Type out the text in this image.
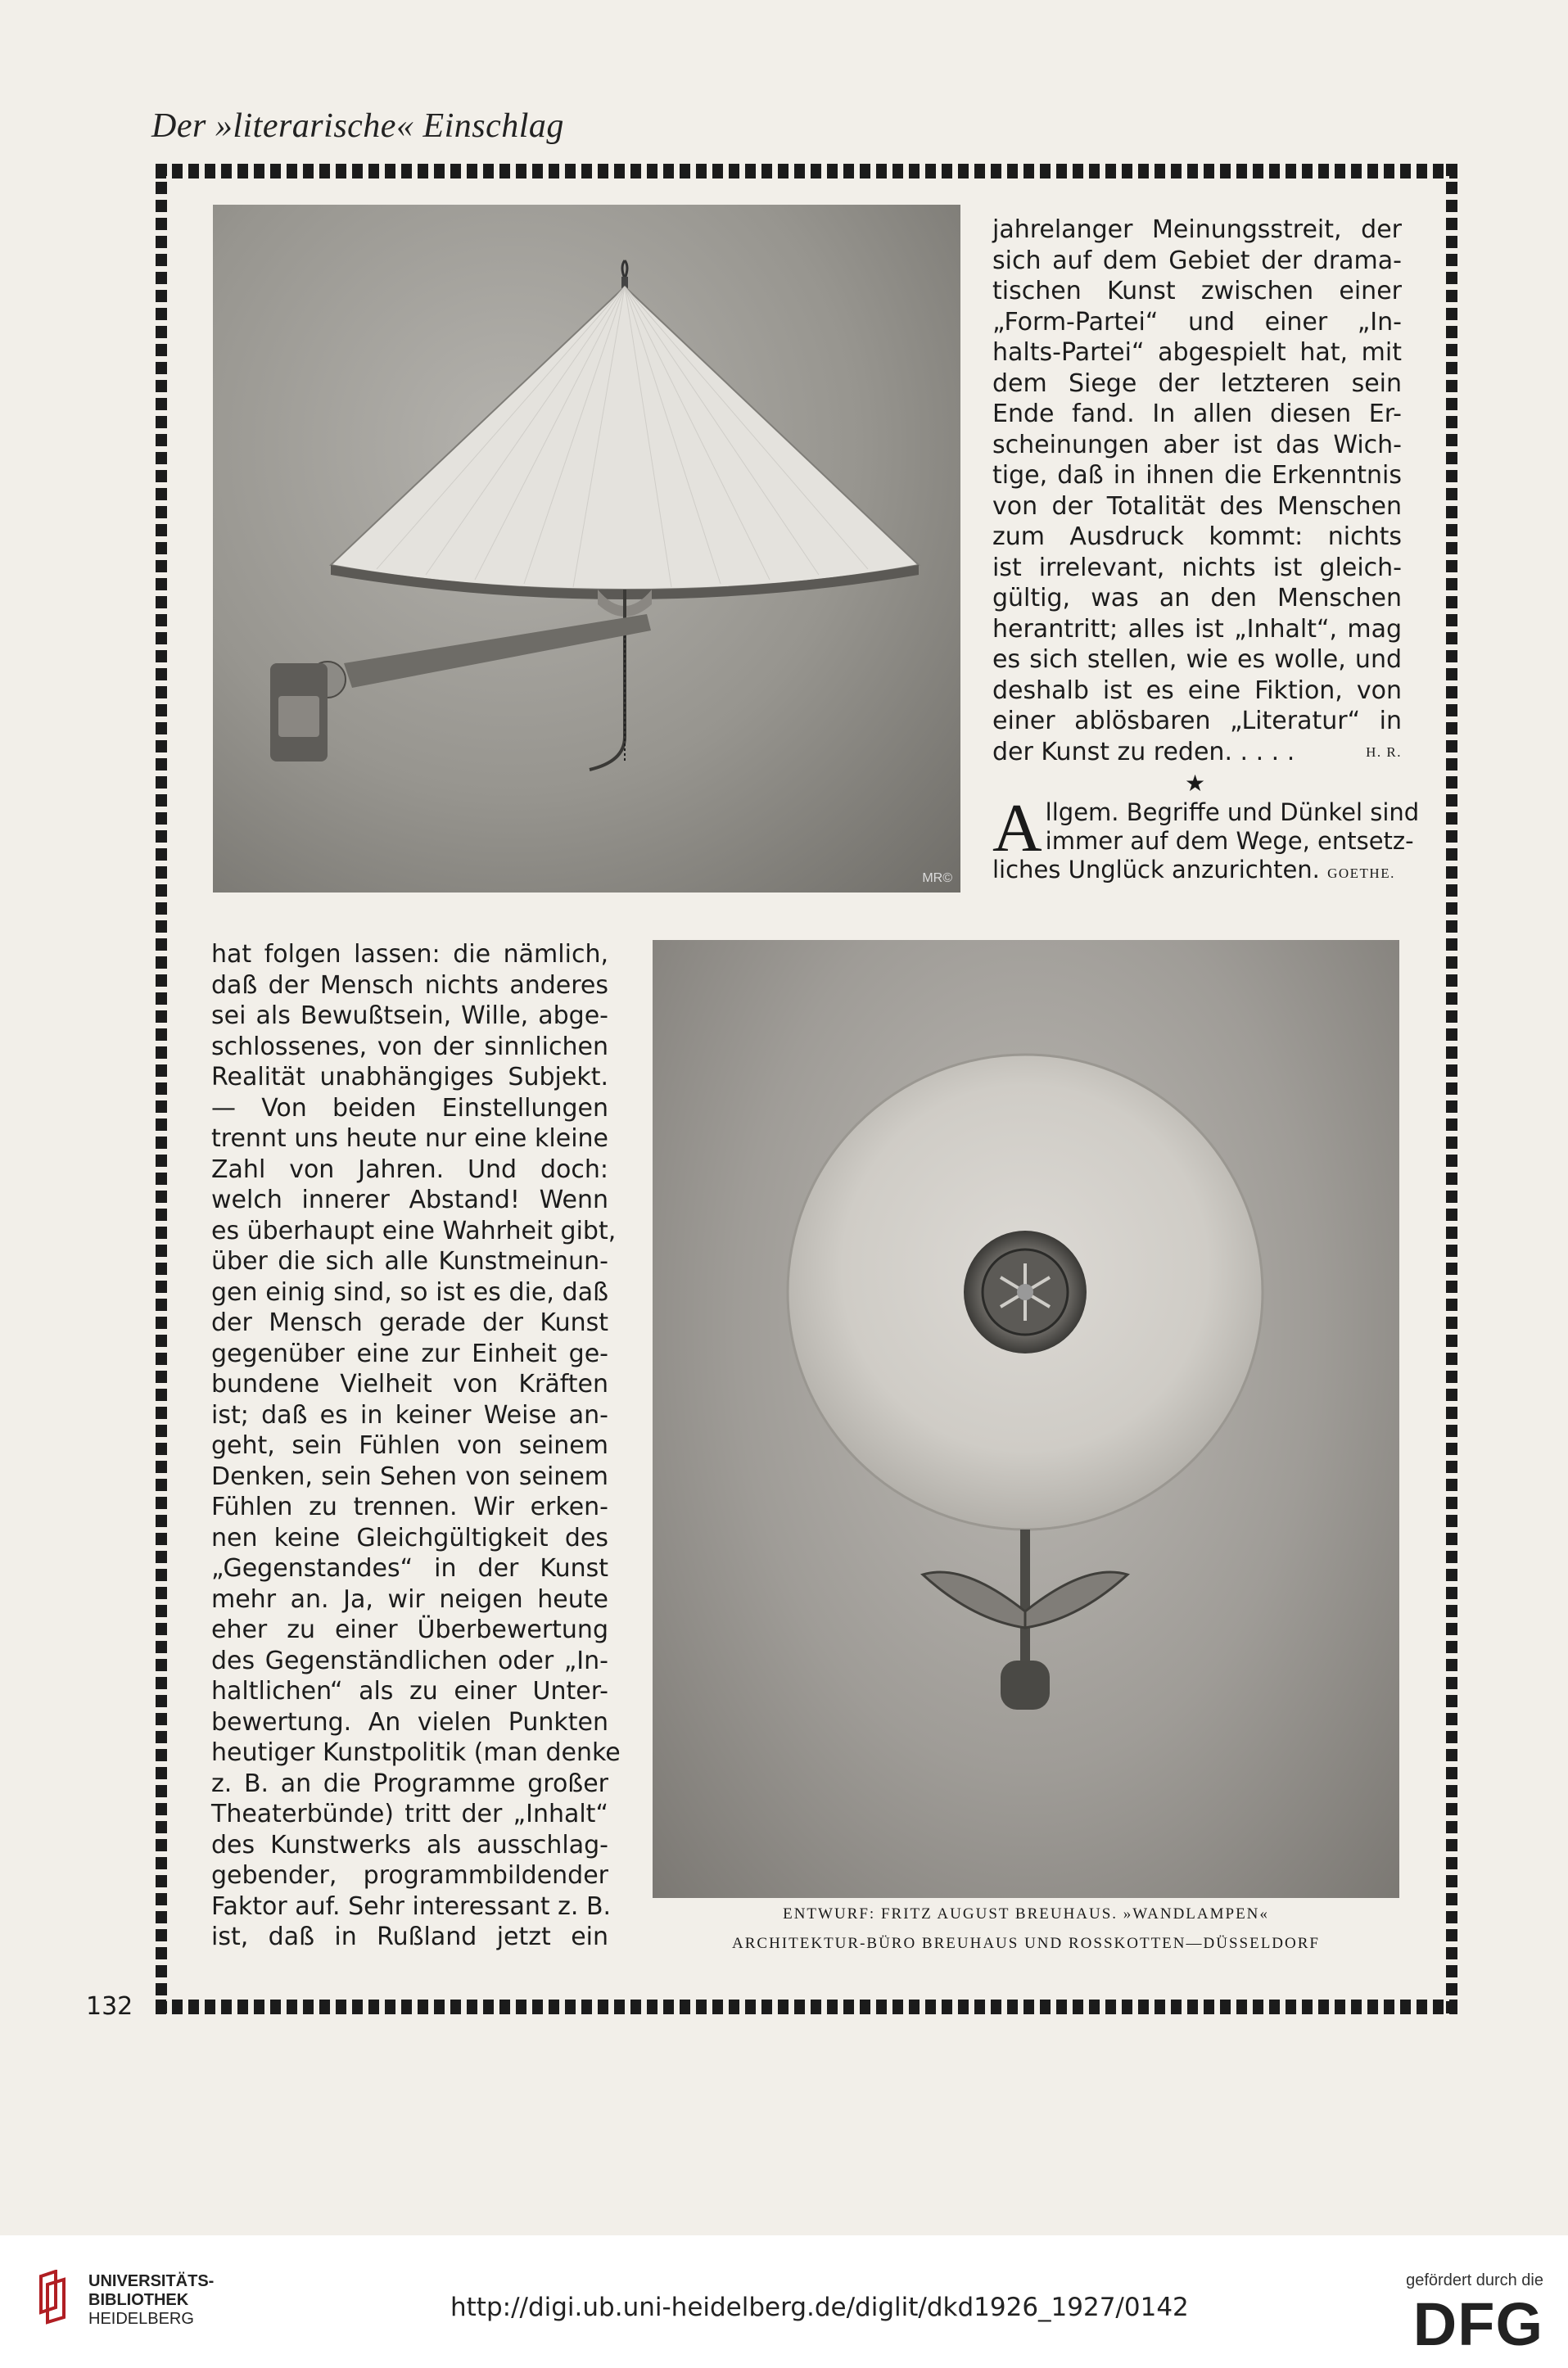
Der »literarische« Einschlag
MR©
jahrelanger Meinungsstreit, der
sich auf dem Gebiet der drama-
tischen Kunst zwischen einer
„Form-Partei“ und einer „In-
halts-Partei“ abgespielt hat, mit
dem Siege der letzteren sein
Ende fand. In allen diesen Er-
scheinungen aber ist das Wich-
tige, daß in ihnen die Erkenntnis
von der Totalität des Menschen
zum Ausdruck kommt: nichts
ist irrelevant, nichts ist gleich-
gültig, was an den Menschen
herantritt; alles ist „Inhalt“, mag
es sich stellen, wie es wolle, und
deshalb ist es eine Fiktion, von
einer ablösbaren „Literatur“ in
der Kunst zu reden. . . . .	H. R.
★
A llgem. Begriffe und Dünkel sind
immer auf dem Wege, entsetz-
liches Unglück anzurichten. GOETHE.
hat folgen lassen: die nämlich,
daß der Mensch nichts anderes
sei als Bewußtsein, Wille, abge-
schlossenes, von der sinnlichen
Realität unabhängiges Subjekt.
— Von beiden Einstellungen
trennt uns heute nur eine kleine
Zahl von Jahren. Und doch:
welch innerer Abstand! Wenn
es überhaupt eine Wahrheit gibt,
über die sich alle Kunstmeinun-
gen einig sind, so ist es die, daß
der Mensch gerade der Kunst
gegenüber eine zur Einheit ge-
bundene Vielheit von Kräften
ist; daß es in keiner Weise an-
geht, sein Fühlen von seinem
Denken, sein Sehen von seinem
Fühlen zu trennen. Wir erken-
nen keine Gleichgültigkeit des
„Gegenstandes“ in der Kunst
mehr an. Ja, wir neigen heute
eher zu einer Überbewertung
des Gegenständlichen oder „In-
haltlichen“ als zu einer Unter-
bewertung. An vielen Punkten
heutiger Kunstpolitik (man denke
z. B. an die Programme großer
Theaterbünde) tritt der „Inhalt“
des Kunstwerks als ausschlag-
gebender, programmbildender
Faktor auf. Sehr interessant z. B.
ist, daß in Rußland jetzt ein
ENTWURF: FRITZ AUGUST BREUHAUS. »WANDLAMPEN«
ARCHITEKTUR-BÜRO BREUHAUS UND ROSSKOTTEN—DÜSSELDORF
132
UNIVERSITÄTS-
BIBLIOTHEK
HEIDELBERG	http://digi.ub.uni-heidelberg.de/diglit/dkd1926_1927/0142
gefördert durch die
DFG
